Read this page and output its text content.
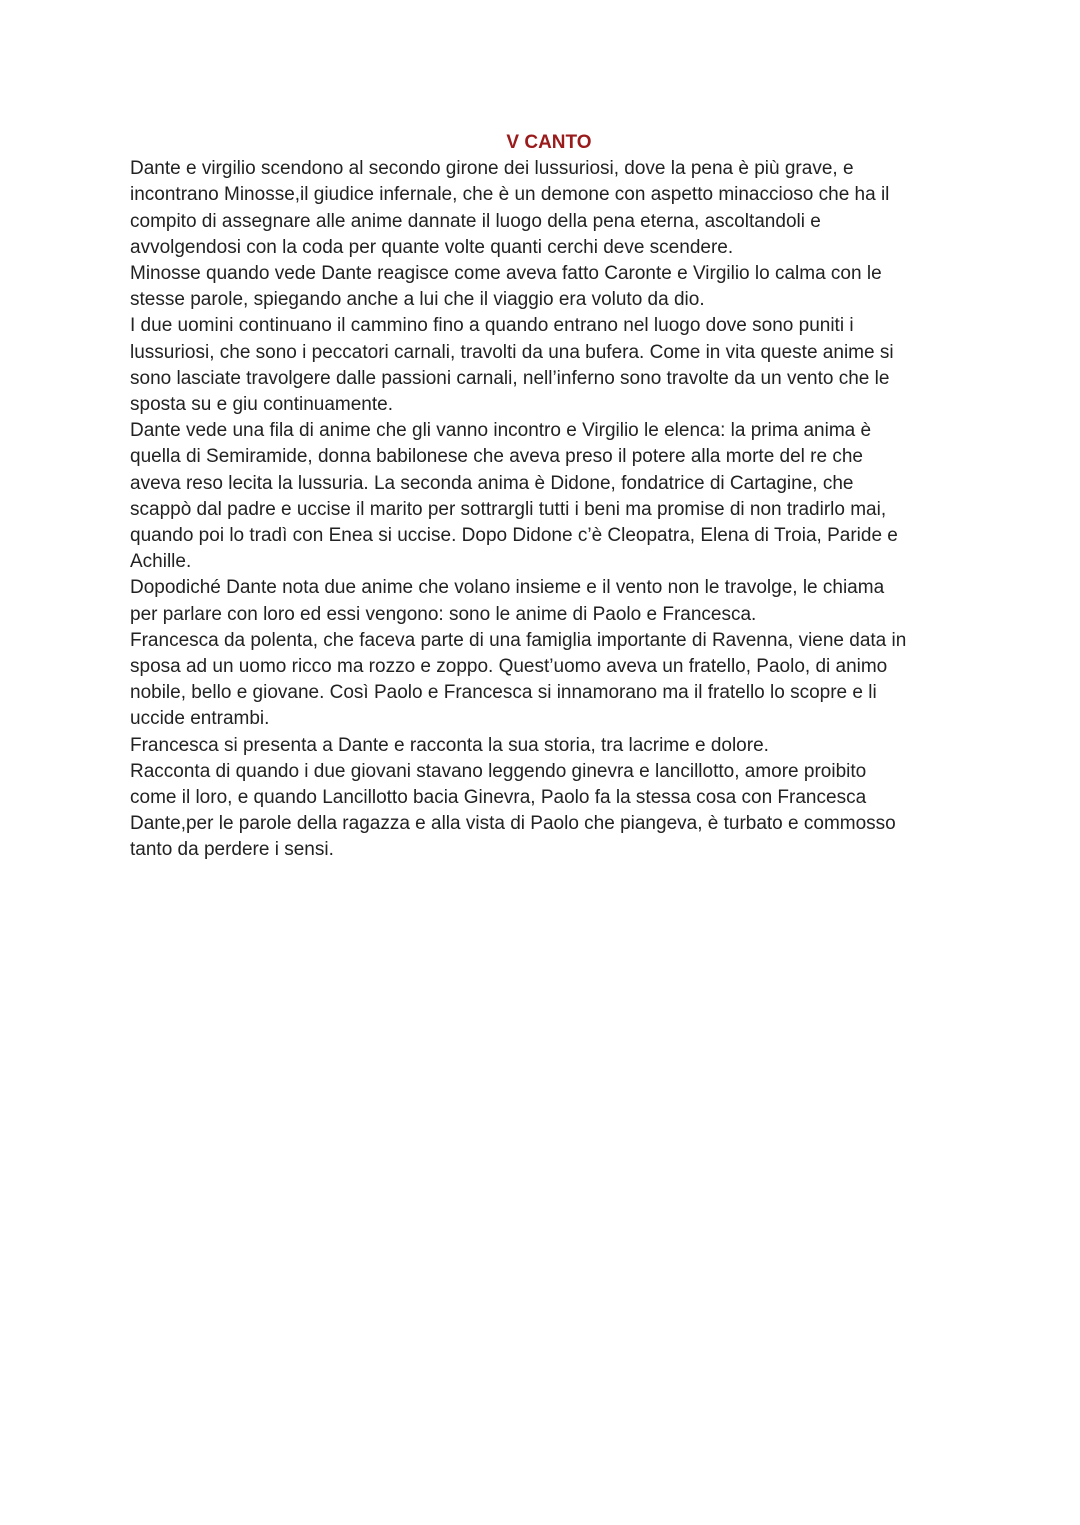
V CANTO

Dante e virgilio scendono al secondo girone dei lussuriosi, dove la pena è più grave, e
incontrano Minosse,il giudice infernale, che è un demone con aspetto minaccioso che ha il
compito di assegnare alle anime dannate il luogo della pena eterna, ascoltandoli e
avvolgendosi con la coda per quante volte quanti cerchi deve scendere.

Minosse quando vede Dante reagisce come aveva fatto Caronte e Virgilio lo calma con le
stesse parole, spiegando anche a lui che il viaggio era voluto da dio.

I due uomini continuano il cammino fino a quando entrano nel luogo dove sono puniti i
lussuriosi, che sono i peccatori carnali, travolti da una bufera. Come in vita queste anime si
sono lasciate travolgere dalle passioni carnali, nell’inferno sono travolte da un vento che le
sposta su e giu continuamente.

Dante vede una fila di anime che gli vanno incontro e Virgilio le elenca: la prima anima è
quella di Semiramide, donna babilonese che aveva preso il potere alla morte del re che
aveva reso lecita la lussuria. La seconda anima è Didone, fondatrice di Cartagine, che
scappò dal padre e uccise il marito per sottrargli tutti i beni ma promise di non tradirlo mai,
quando poi lo tradì con Enea si uccise. Dopo Didone c’è Cleopatra, Elena di Troia, Paride e
Achille.

Dopodiché Dante nota due anime che volano insieme e il vento non le travolge, le chiama
per parlare con loro ed essi vengono: sono le anime di Paolo e Francesca.

Francesca da polenta, che faceva parte di una famiglia importante di Ravenna, viene data in
sposa ad un uomo ricco ma rozzo e zoppo. Quest’uomo aveva un fratello, Paolo, di animo
nobile, bello e giovane. Così Paolo e Francesca si innamorano ma il fratello lo scopre e li
uccide entrambi.

Francesca si presenta a Dante e racconta la sua storia, tra lacrime e dolore.

Racconta di quando i due giovani stavano leggendo ginevra e lancillotto, amore proibito
come il loro, e quando Lancillotto bacia Ginevra, Paolo fa la stessa cosa con Francesca
Dante,per le parole della ragazza e alla vista di Paolo che piangeva, è turbato e commosso
tanto da perdere i sensi.
